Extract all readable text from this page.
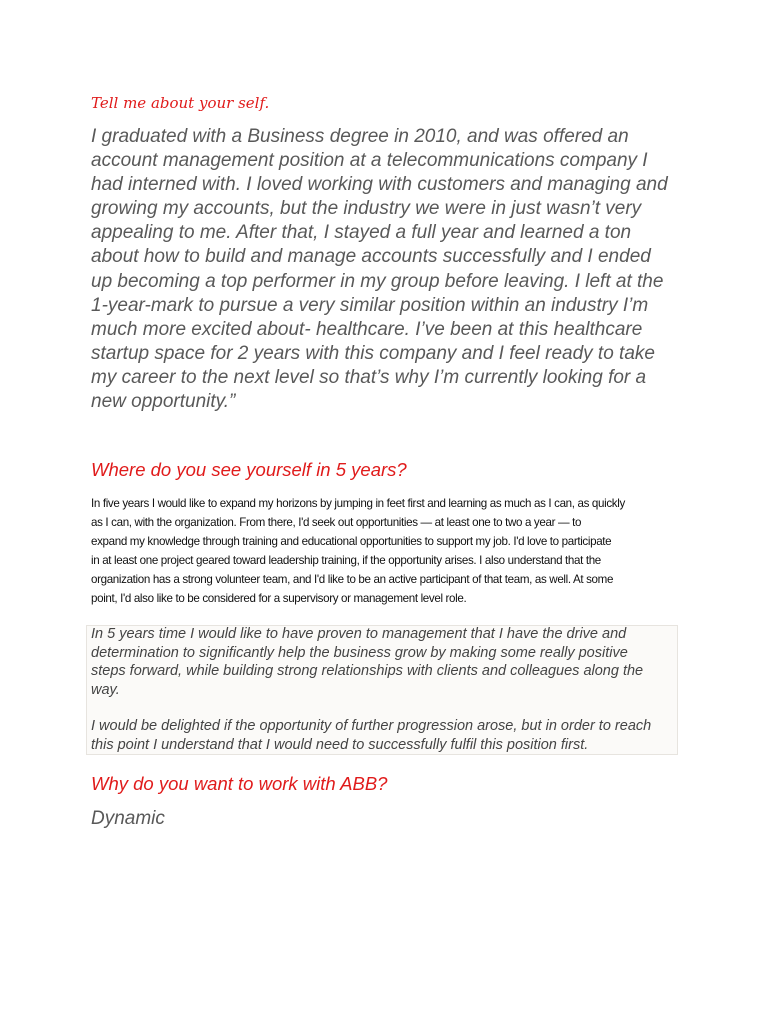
Tell me about your self.

I graduated with a Business degree in 2010, and was offered an
account management position at a telecommunications company I
had interned with. I loved working with customers and managing and
growing my accounts, but the industry we were in just wasn’t very
appealing to me. After that, I stayed a full year and learned a ton
about how to build and manage accounts successfully and I ended
up becoming a top performer in my group before leaving. I left at the
1-year-mark to pursue a very similar position within an industry I’m
much more excited about- healthcare. I’ve been at this healthcare
startup space for 2 years with this company and I feel ready to take
my career to the next level so that’s why I’m currently looking for a
new opportunity.”

Where do you see yourself in 5 years?

In five years I would like to expand my horizons by jumping in feet first and learning as much as I can, as quickly
as I can, with the organization. From there, I'd seek out opportunities — at least one to two a year — to
expand my knowledge through training and educational opportunities to support my job. I'd love to participate
in at least one project geared toward leadership training, if the opportunity arises. I also understand that the
organization has a strong volunteer team, and I'd like to be an active participant of that team, as well. At some
point, I'd also like to be considered for a supervisory or management level role.

In 5 years time I would like to have proven to management that I have the drive and
determination to significantly help the business grow by making some really positive
steps forward, while building strong relationships with clients and colleagues along the
way.

I would be delighted if the opportunity of further progression arose, but in order to reach
this point I understand that I would need to successfully fulfil this position first.

Why do you want to work with ABB?

Dynamic
